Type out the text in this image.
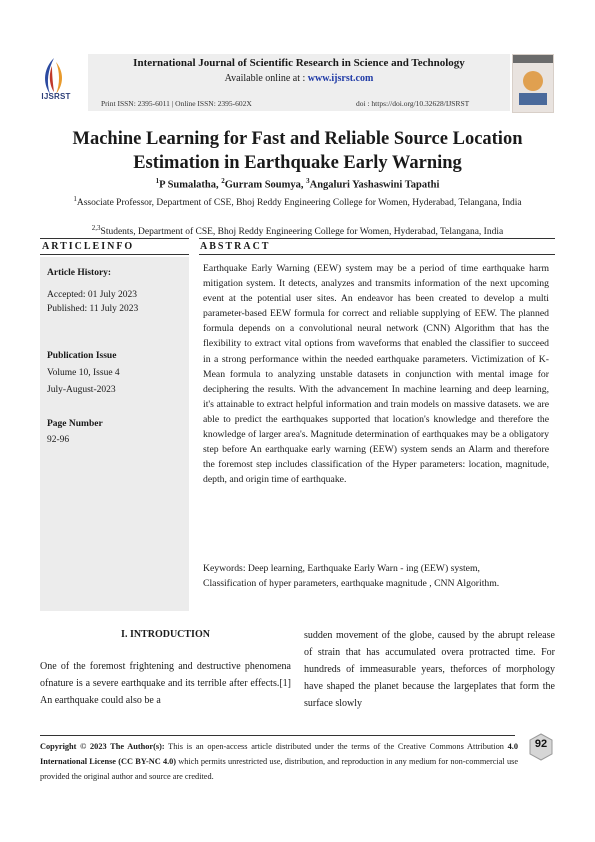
IJSRST
International Journal of Scientific Research in Science and Technology
Available online at : www.ijsrst.com
Print ISSN: 2395-6011 | Online ISSN: 2395-602X	doi : https://doi.org/10.32628/IJSRST
Machine Learning for Fast and Reliable Source Location
Estimation in Earthquake Early Warning
$^1$P Sumalatha, $^2$Gurram Soumya, $^3$Angaluri Yashaswini Tapathi
$^1$Associate Professor, Department of CSE, Bhoj Reddy Engineering College for Women, Hyderabad, Telangana, India
$^{2,3}$Students, Department of CSE, Bhoj Reddy Engineering College for Women, Hyderabad, Telangana, India
ARTICLEINFO	ABSTRACT
Article History:
Accepted: 01 July 2023
Published: 11 July 2023
Publication Issue
Volume 10, Issue 4
July-August-2023
Page Number
92-96
Earthquake Early Warning (EEW) system may be a period of time earthquake harm mitigation system. It detects, analyzes and transmits information of the next upcoming event at the potential user sites. An endeavor has been created to develop a multi parameter-based EEW formula for correct and reliable supplying of EEW. The planned formula depends on a convolutional neural network (CNN) Algorithm that has the flexibility to extract vital options from waveforms that enabled the classifier to succeed in a strong performance within the needed earthquake parameters. Victimization of K-Mean formula to analyzing unstable datasets in conjunction with mental image for deciphering the results. With the advancement In machine learning and deep learning, it's attainable to extract helpful information and train models on massive datasets. we are able to predict the earthquakes supported that location's knowledge and therefore the knowledge of larger area's. Magnitude determination of earthquakes may be a obligatory step before An earthquake early warning (EEW) system sends an Alarm and therefore the foremost step includes classification of the Hyper parameters: location, magnitude, depth, and origin time of earthquake.
Keywords: Deep learning, Earthquake Early Warn - ing (EEW) system, Classification of hyper parameters, earthquake magnitude , CNN Algorithm.
I. INTRODUCTION
One of the foremost frightening and destructive phenomena ofnature is a severe earthquake and its terrible after effects.[1] An earthquake could also be a
sudden movement of the globe, caused by the abrupt release of strain that has accumulated overa protracted time. For hundreds of immeasurable years, theforces of morphology have shaped the planet because the largeplates that form the surface slowly
Copyright © 2023 The Author(s): This is an open-access article distributed under the terms of the Creative Commons Attribution 4.0 International License (CC BY-NC 4.0) which permits unrestricted use, distribution, and reproduction in any medium for non-commercial use provided the original author and source are credited.
92
